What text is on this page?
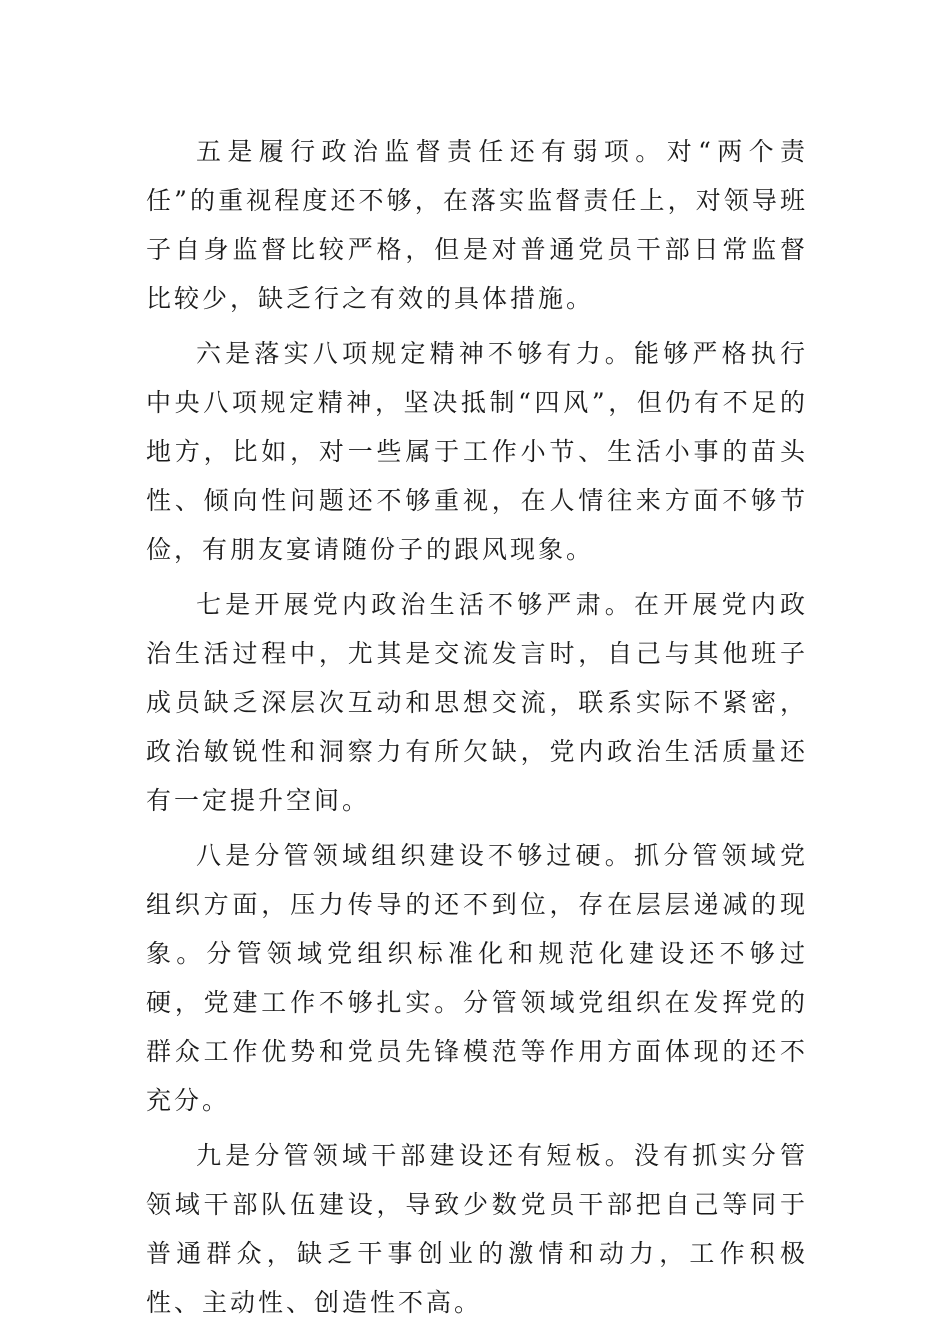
五是履行政治监督责任还有弱项。对“两个责任”的重视程度还不够，在落实监督责任上，对领导班子自身监督比较严格，但是对普通党员干部日常监督比较少，缺乏行之有效的具体措施。

六是落实八项规定精神不够有力。能够严格执行中央八项规定精神，坚决抵制“四风”，但仍有不足的地方，比如，对一些属于工作小节、生活小事的苗头性、倾向性问题还不够重视，在人情往来方面不够节俭，有朋友宴请随份子的跟风现象。

七是开展党内政治生活不够严肃。在开展党内政治生活过程中，尤其是交流发言时，自己与其他班子成员缺乏深层次互动和思想交流，联系实际不紧密，政治敏锐性和洞察力有所欠缺，党内政治生活质量还有一定提升空间。

八是分管领域组织建设不够过硬。抓分管领域党组织方面，压力传导的还不到位，存在层层递减的现象。分管领域党组织标准化和规范化建设还不够过硬，党建工作不够扎实。分管领域党组织在发挥党的群众工作优势和党员先锋模范等作用方面体现的还不充分。

九是分管领域干部建设还有短板。没有抓实分管领域干部队伍建设，导致少数党员干部把自己等同于普通群众，缺乏干事创业的激情和动力，工作积极性、主动性、创造性不高。
